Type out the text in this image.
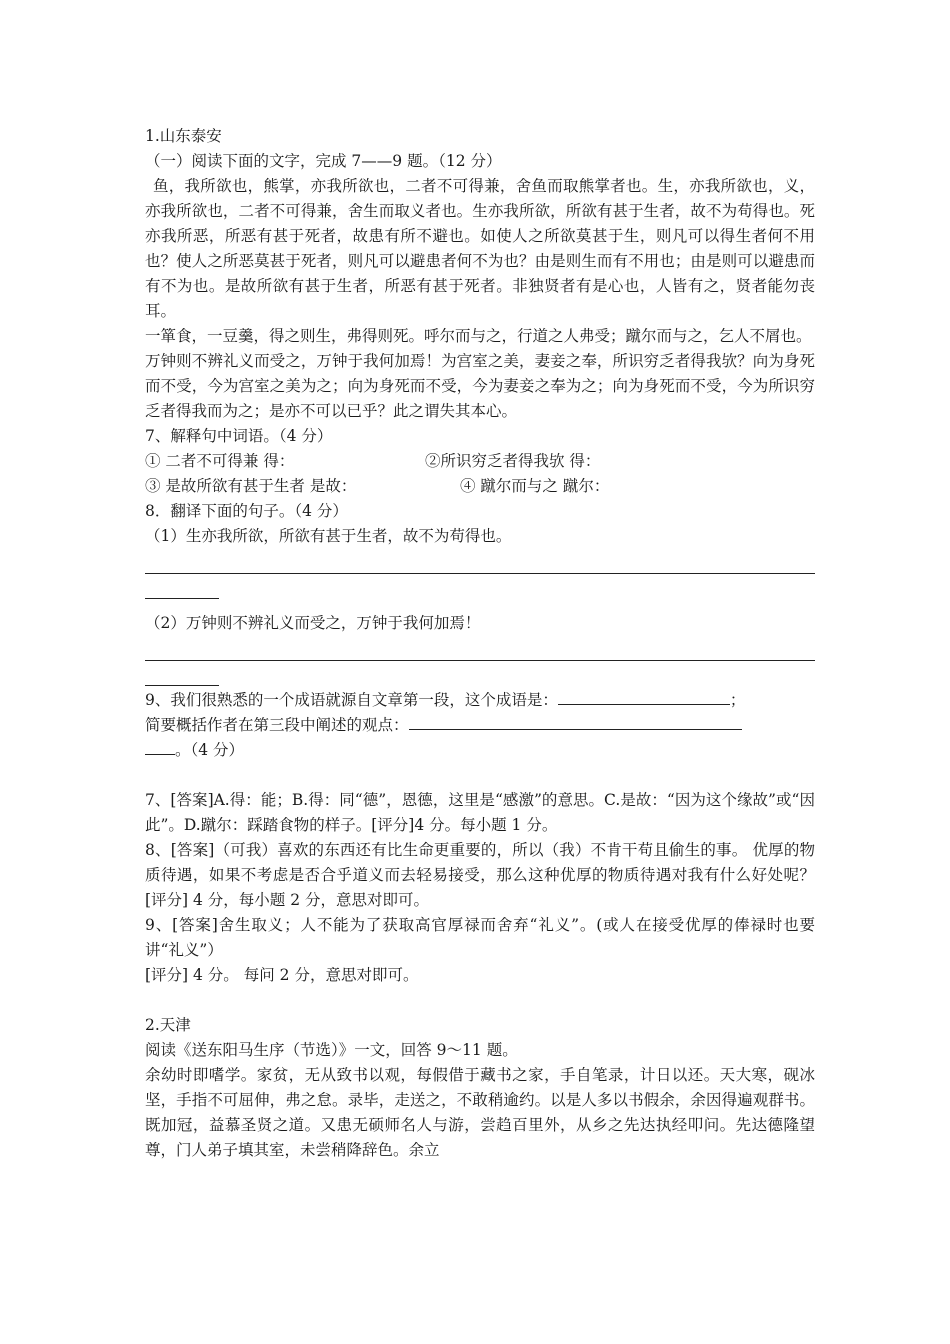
1.山东泰安

（一）阅读下面的文字，完成 7——9 题。（12 分）

鱼，我所欲也，熊掌，亦我所欲也，二者不可得兼，舍鱼而取熊掌者也。生，亦我所欲也，义，亦我所欲也，二者不可得兼，舍生而取义者也。生亦我所欲，所欲有甚于生者，故不为苟得也。死亦我所恶，所恶有甚于死者，故患有所不避也。如使人之所欲莫甚于生，则凡可以得生者何不用也？使人之所恶莫甚于死者，则凡可以避患者何不为也？由是则生而有不用也；由是则可以避患而有不为也。是故所欲有甚于生者，所恶有甚于死者。非独贤者有是心也，人皆有之，贤者能勿丧耳。

一箪食，一豆羹，得之则生，弗得则死。呼尔而与之，行道之人弗受；蹴尔而与之，乞人不屑也。

万钟则不辨礼义而受之，万钟于我何加焉！为宫室之美，妻妾之奉，所识穷乏者得我欤？向为身死而不受，今为宫室之美为之；向为身死而不受，今为妻妾之奉为之；向为身死而不受，今为所识穷乏者得我而为之；是亦不可以已乎？此之谓失其本心。

7、解释句中词语。（4 分）

① 二者不可得兼 得：	②所识穷乏者得我欤 得：

③ 是故所欲有甚于生者 是故：	④ 蹴尔而与之 蹴尔：

8．翻译下面的句子。（4 分）

（1）生亦我所欲，所欲有甚于生者，故不为苟得也。

（2）万钟则不辨礼义而受之，万钟于我何加焉！

9、我们很熟悉的一个成语就源自文章第一段，这个成语是：	；

简要概括作者在第三段中阐述的观点：

。（4 分）

7、[答案]A.得：能；B.得：同“德”，恩德，这里是“感激”的意思。C.是故：“因为这个缘故”或“因此”。D.蹴尔：踩踏食物的样子。[评分]4 分。每小题 1 分。

8、[答案]（可我）喜欢的东西还有比生命更重要的，所以（我）不肯干苟且偷生的事。 优厚的物质待遇，如果不考虑是否合乎道义而去轻易接受，那么这种优厚的物质待遇对我有什么好处呢？ [评分] 4 分，每小题 2 分，意思对即可。

9、[答案]舍生取义；人不能为了获取高官厚禄而舍弃“礼义”。(或人在接受优厚的俸禄时也要讲“礼义”）

[评分] 4 分。 每问 2 分，意思对即可。

2.天津

阅读《送东阳马生序（节选）》一文，回答 9～11 题。

余幼时即嗜学。家贫，无从致书以观，每假借于藏书之家，手自笔录，计日以还。天大寒，砚冰坚，手指不可屈伸，弗之怠。录毕，走送之，不敢稍逾约。以是人多以书假余，余因得遍观群书。既加冠，益慕圣贤之道。又患无硕师名人与游，尝趋百里外，从乡之先达执经叩问。先达德隆望尊，门人弟子填其室，未尝稍降辞色。余立
